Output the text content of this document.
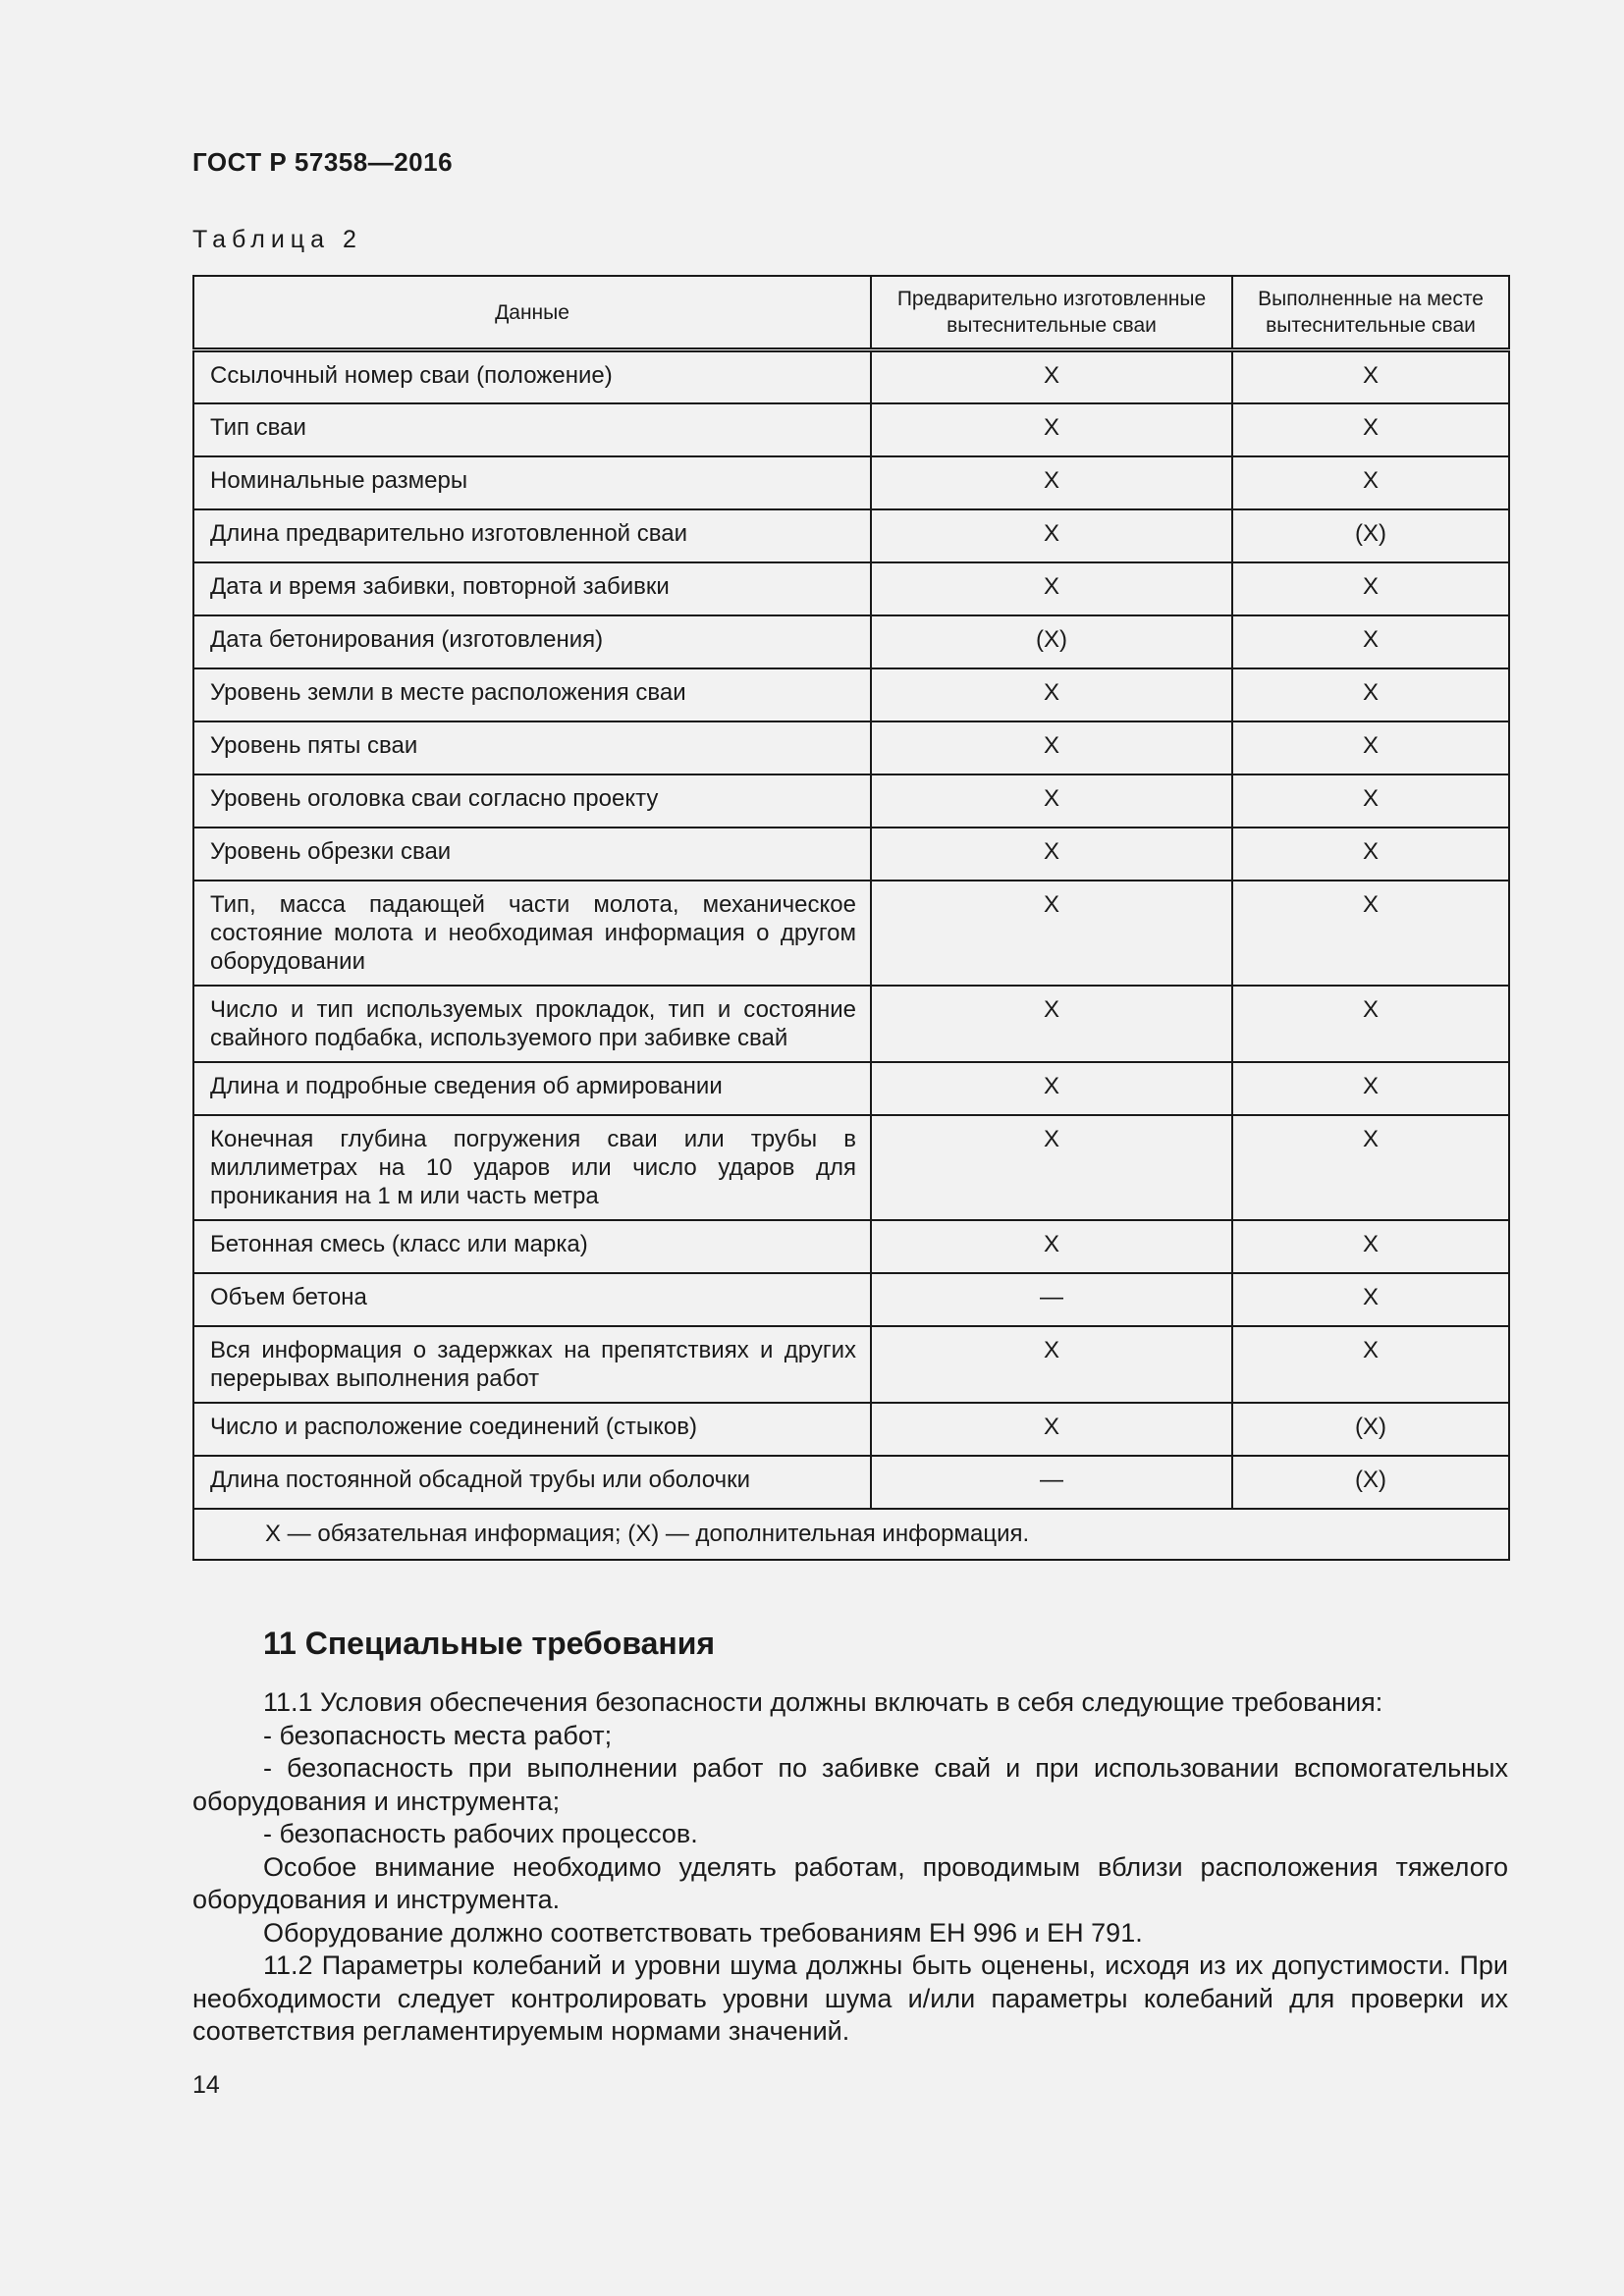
ГОСТ Р 57358—2016
Таблица 2
Данные	Предварительно изготовленные вытеснительные сваи	Выполненные на месте вытеснительные сваи
Ссылочный номер сваи (положение)	X	X
Тип сваи	X	X
Номинальные размеры	X	X
Длина предварительно изготовленной сваи	X	(X)
Дата и время забивки, повторной забивки	X	X
Дата бетонирования (изготовления)	(X)	X
Уровень земли в месте расположения сваи	X	X
Уровень пяты сваи	X	X
Уровень оголовка сваи согласно проекту	X	X
Уровень обрезки сваи	X	X
Тип, масса падающей части молота, механическое состояние молота и необходимая информация о другом оборудовании	X	X
Число и тип используемых прокладок, тип и состояние свайного подбабка, используемого при забивке свай	X	X
Длина и подробные сведения об армировании	X	X
Конечная глубина погружения сваи или трубы в миллиметрах на 10 ударов или число ударов для проникания на 1 м или часть метра	X	X
Бетонная смесь (класс или марка)	X	X
Объем бетона	—	X
Вся информация о задержках на препятствиях и других перерывах выполнения работ	X	X
Число и расположение соединений (стыков)	X	(X)
Длина постоянной обсадной трубы или оболочки	—	(X)
X — обязательная информация; (X) — дополнительная информация.		
11 Специальные требования

11.1 Условия обеспечения безопасности должны включать в себя следующие требования:

- безопасность места работ;

- безопасность при выполнении работ по забивке свай и при использовании вспомогательных оборудования и инструмента;

- безопасность рабочих процессов.

Особое внимание необходимо уделять работам, проводимым вблизи расположения тяжелого оборудования и инструмента.

Оборудование должно соответствовать требованиям ЕН 996 и ЕН 791.

11.2 Параметры колебаний и уровни шума должны быть оценены, исходя из их допустимости. При необходимости следует контролировать уровни шума и/или параметры колебаний для проверки их соответствия регламентируемым нормами значений.

14
